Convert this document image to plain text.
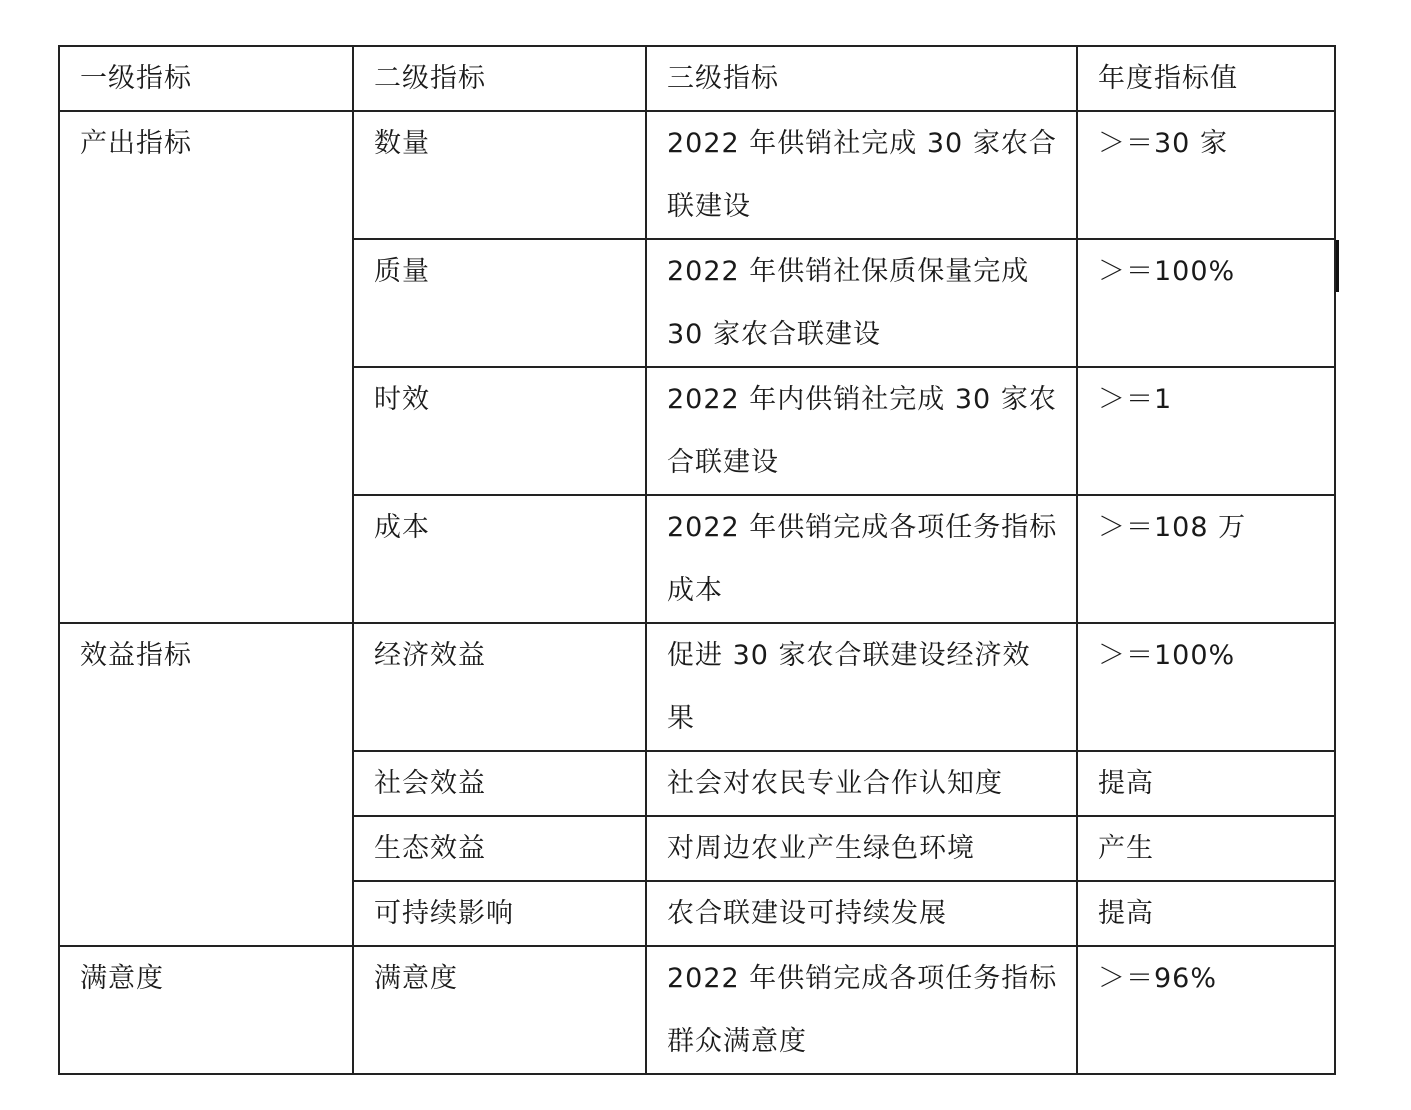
一级指标	二级指标	三级指标	年度指标值

产出指标	数量	2022 年供销社完成 30 家农合联建设	＞＝30 家

	质量	2022 年供销社保质保量完成 30 家农合联建设	＞＝100%

	时效	2022 年内供销社完成 30 家农合联建设	＞＝1

	成本	2022 年供销完成各项任务指标成本	＞＝108 万

效益指标	经济效益	促进 30 家农合联建设经济效果	＞＝100%

	社会效益	社会对农民专业合作认知度	提高

	生态效益	对周边农业产生绿色环境	产生

	可持续影响	农合联建设可持续发展	提高

满意度	满意度	2022 年供销完成各项任务指标群众满意度	＞＝96%
